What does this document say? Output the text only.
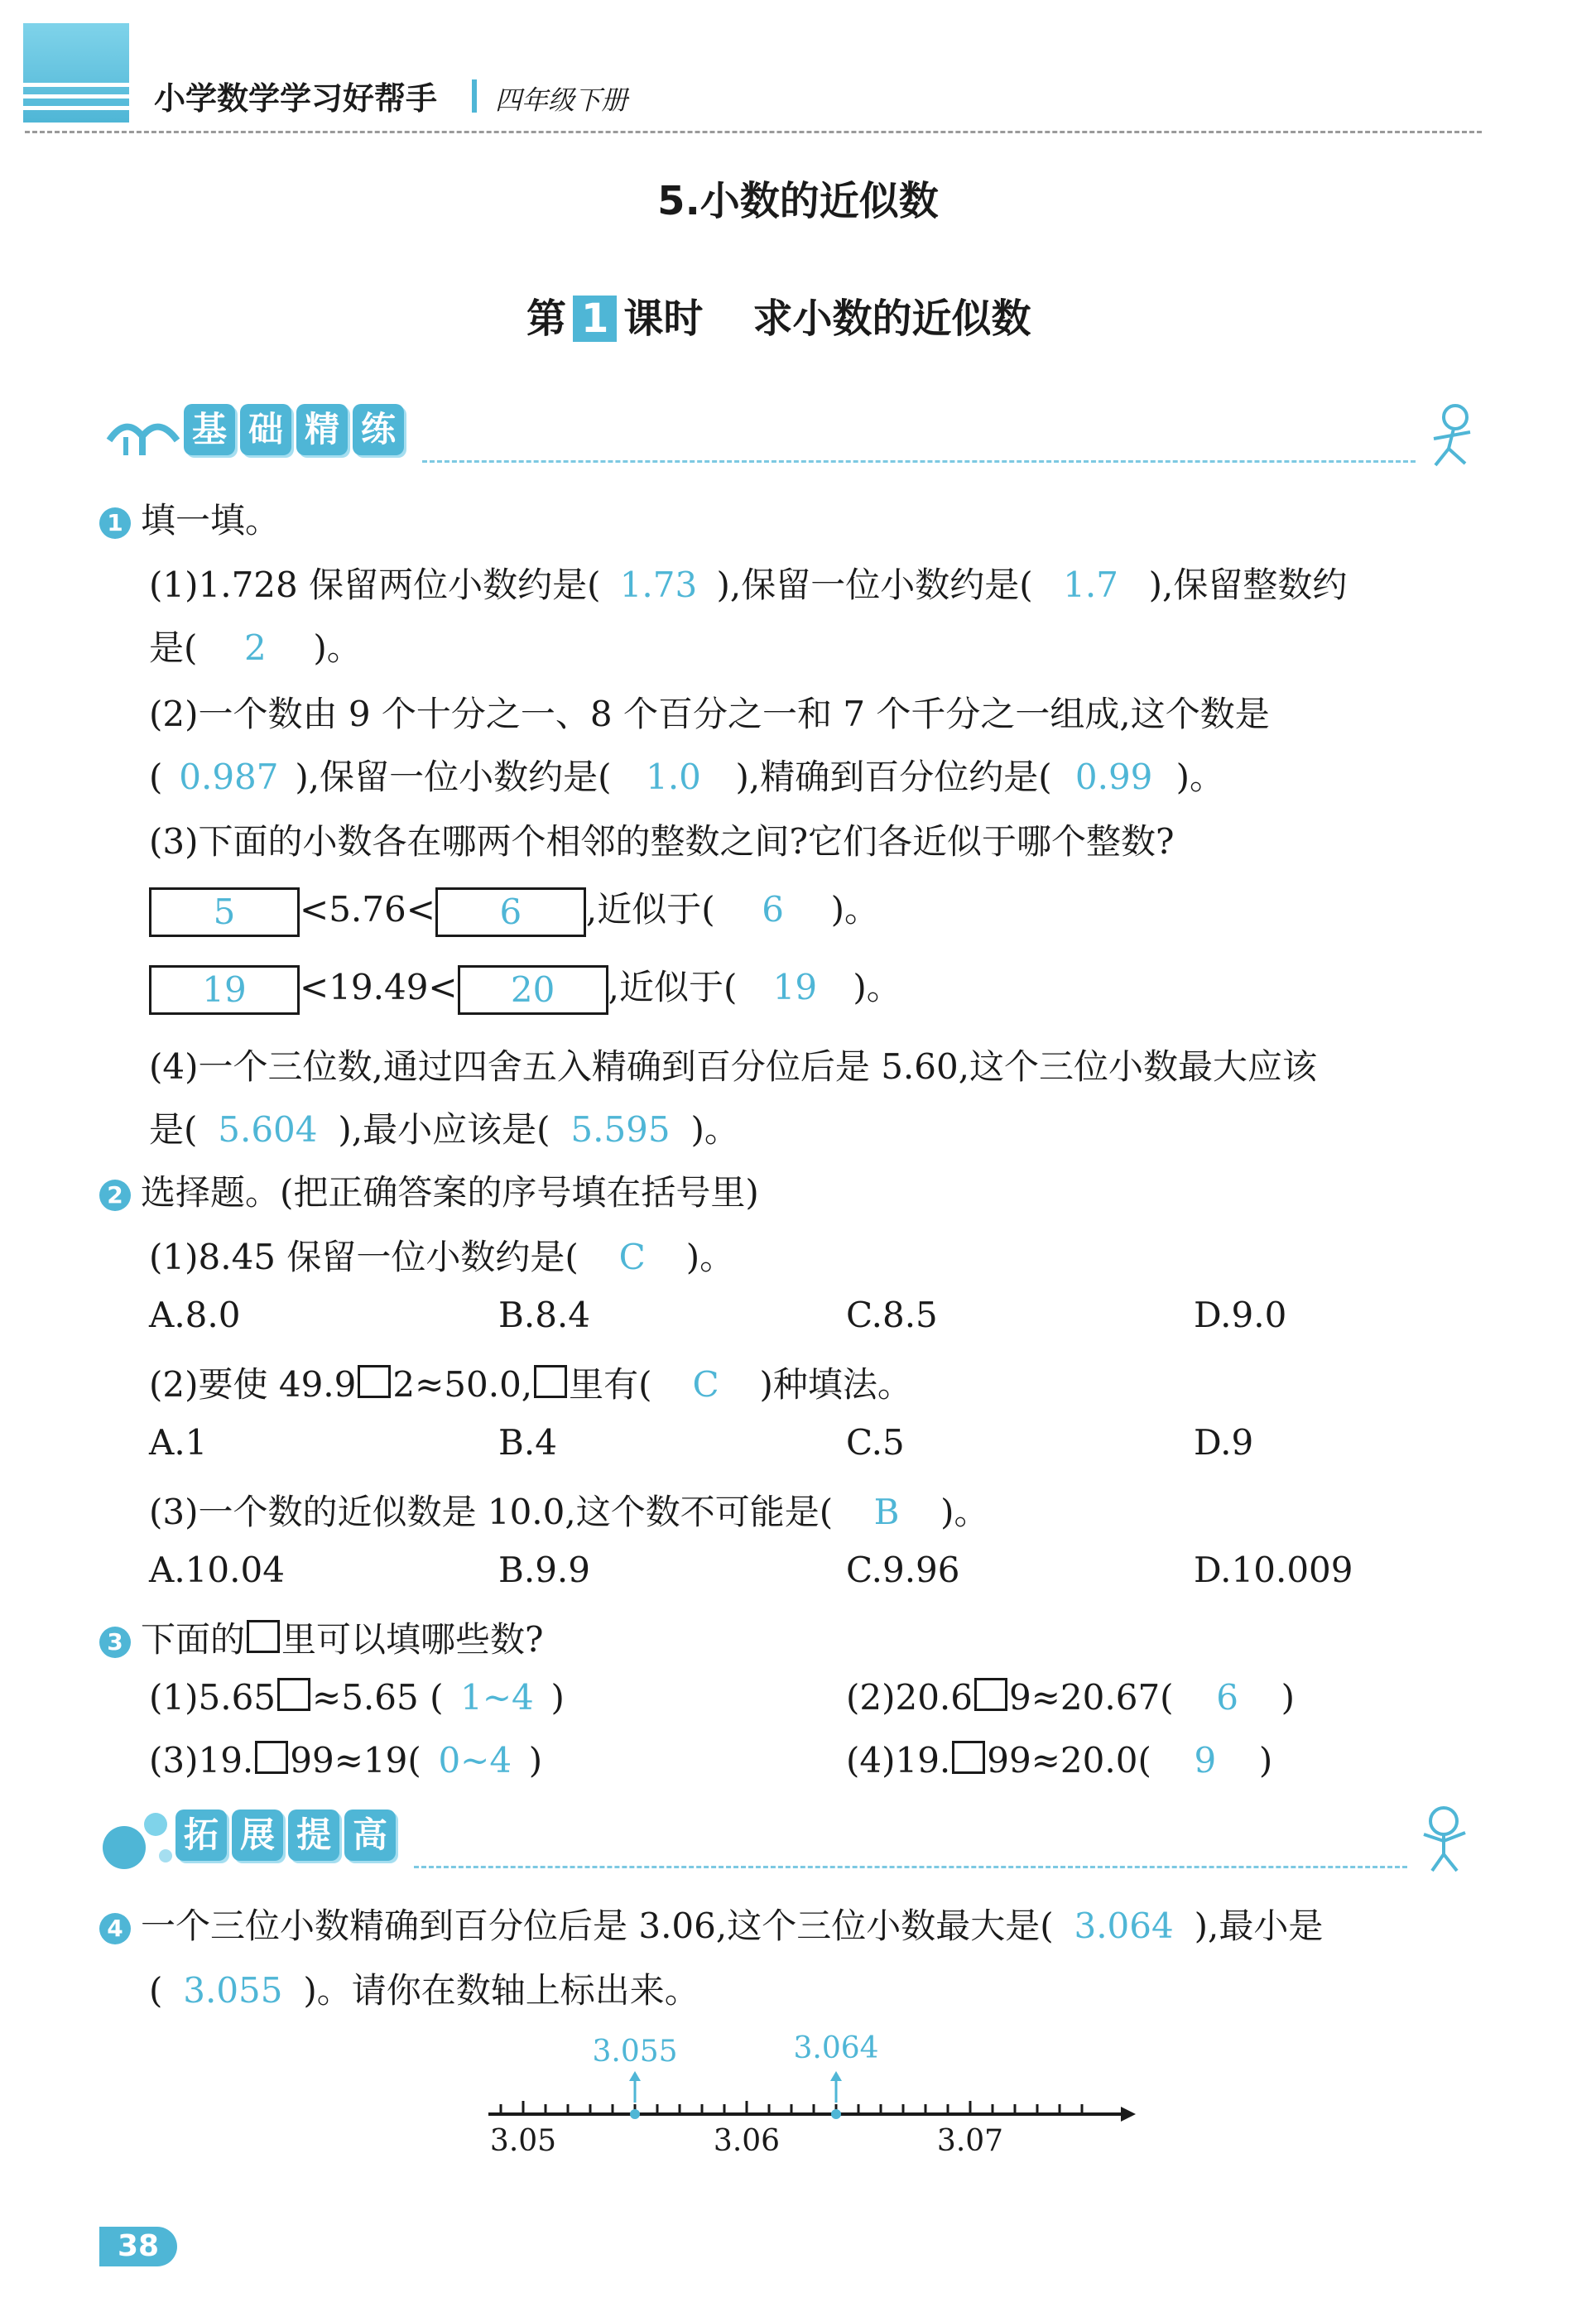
小学数学学习好帮手 四年级下册
5.小数的近似数
第 1 课时 求小数的近似数
基 础 精 练
1 填一填。
(1)1.728 保留两位小数约是( 1.73 ),保留一位小数约是( 1.7 ),保留整数约
是( 2 )。
(2)一个数由 9 个十分之一、8 个百分之一和 7 个千分之一组成,这个数是
( 0.987 ),保留一位小数约是( 1.0 ),精确到百分位约是( 0.99 )。
(3)下面的小数各在哪两个相邻的整数之间?它们各近似于哪个整数?
5 <5.76< 6 ,近似于( 6 )。
19 <19.49< 20 ,近似于( 19 )。
(4)一个三位数,通过四舍五入精确到百分位后是 5.60,这个三位小数最大应该
是( 5.604 ),最小应该是( 5.595 )。
2 选择题。(把正确答案的序号填在括号里)
(1)8.45 保留一位小数约是( C )。
A.8.0	B.8.4	C.8.5	D.9.0
(2)要使 49.9 2≈50.0, 里有( C )种填法。
A.1	B.4	C.5	D.9
(3)一个数的近似数是 10.0,这个数不可能是( B )。
A.10.04	B.9.9	C.9.96	D.10.009
3 下面的 里可以填哪些数?
(1)5.65 ≈5.65 ( 1~4 )	(2)20.6 9≈20.67( 6 )
(3)19. 99≈19( 0~4 )	(4)19. 99≈20.0( 9 )
拓 展 提 高
4 一个三位小数精确到百分位后是 3.06,这个三位小数最大是( 3.064 ),最小是
( 3.055 )。请你在数轴上标出来。
3.05	3.06	3.07
3.055	3.064
38
